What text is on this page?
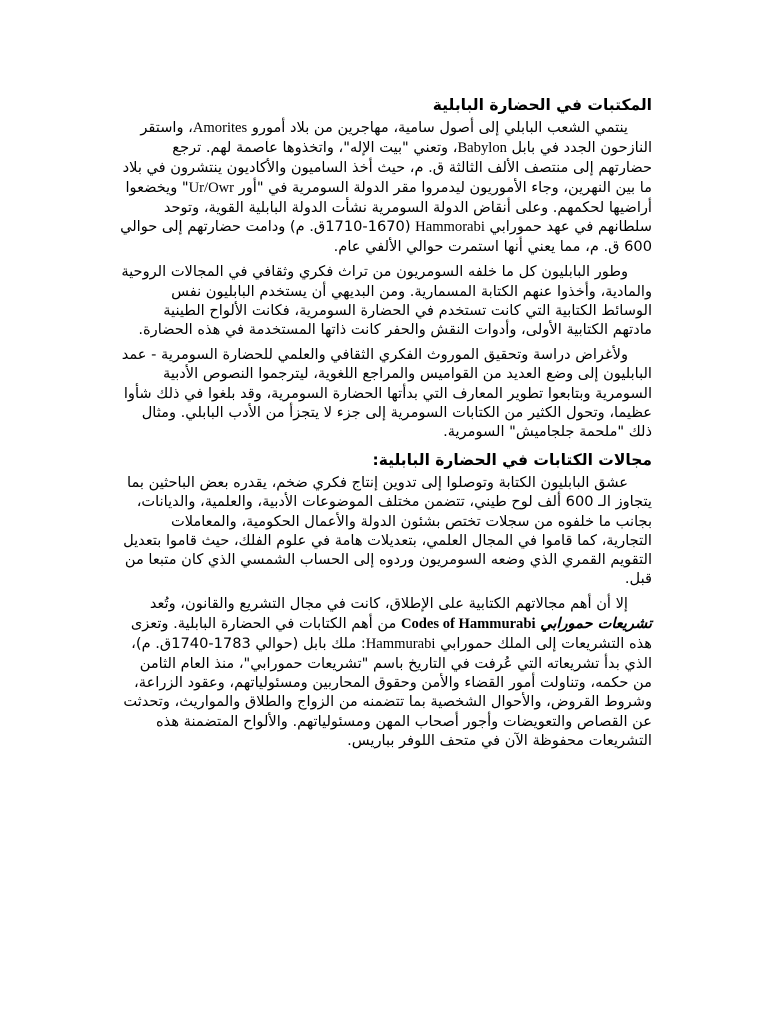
المكتبات في الحضارة البابلية

ينتمي الشعب البابلي إلى أصول سامية، مهاجرين من بلاد أمورو Amorites، واستقر النازحون الجدد في بابل Babylon، وتعني "بيت الإله"، واتخذوها عاصمة لهم. ترجع حضارتهم إلى منتصف الألف الثالثة ق. م، حيث أخذ الساميون والأكاديون ينتشرون في بلاد ما بين النهرين، وجاء الأموريون ليدمروا مقر الدولة السومرية في "أور Ur/Owr" ويخضعوا أراضيها لحكمهم. وعلى أنقاض الدولة السومرية نشأت الدولة البابلية القوية، وتوحد سلطانهم في عهد حمورابي Hammorabi (1670-1710ق. م) ودامت حضارتهم إلى حوالي 600 ق. م، مما يعني أنها استمرت حوالي الألفي عام.

وطور البابليون كل ما خلفه السومريون من تراث فكري وثقافي في المجالات الروحية والمادية، وأخذوا عنهم الكتابة المسمارية. ومن البديهي أن يستخدم البابليون نفس الوسائط الكتابية التي كانت تستخدم في الحضارة السومرية، فكانت الألواح الطينية مادتهم الكتابية الأولى، وأدوات النقش والحفر كانت ذاتها المستخدمة في هذه الحضارة.

ولأغراض دراسة وتحقيق الموروث الفكري الثقافي والعلمي للحضارة السومرية - عمد البابليون إلى وضع العديد من القواميس والمراجع اللغوية، ليترجموا النصوص الأدبية السومرية وبتابعوا تطوير المعارف التي بدأتها الحضارة السومرية، وقد بلغوا في ذلك شأوا عظيما، وتحول الكثير من الكتابات السومرية إلى جزء لا يتجزأ من الأدب البابلي. ومثال ذلك "ملحمة جلجاميش" السومرية.

مجالات الكتابات في الحضارة البابلية:

عشق البابليون الكتابة وتوصلوا إلى تدوين إنتاج فكري ضخم، يقدره بعض الباحثين بما يتجاوز الـ 600 ألف لوح طيني، تتضمن مختلف الموضوعات الأدبية، والعلمية، والديانات، بجانب ما خلفوه من سجلات تختص بشئون الدولة والأعمال الحكومية، والمعاملات التجارية، كما قاموا في المجال العلمي، بتعديلات هامة في علوم الفلك، حيث قاموا بتعديل التقويم القمري الذي وضعه السومريون وردوه إلى الحساب الشمسي الذي كان متبعا من قبل.

إلا أن أهم مجالاتهم الكتابية على الإطلاق، كانت في مجال التشريع والقانون، وتُعد تشريعات حمورابي Codes of Hammurabi من أهم الكتابات في الحضارة البابلية. وتعزى هذه التشريعات إلى الملك حمورابي Hammurabi: ملك بابل (حوالي 1783-1740ق. م)، الذي بدأ تشريعاته التي عُرفت في التاريخ باسم "تشريعات حمورابي"، منذ العام الثامن من حكمه، وتناولت أمور القضاء والأمن وحقوق المحاربين ومسئولياتهم، وعقود الزراعة، وشروط القروض، والأحوال الشخصية بما تتضمنه من الزواج والطلاق والمواريث، وتحدثت عن القصاص والتعويضات وأجور أصحاب المهن ومسئولياتهم. والألواح المتضمنة هذه التشريعات محفوظة الآن في متحف اللوفر بباريس.
